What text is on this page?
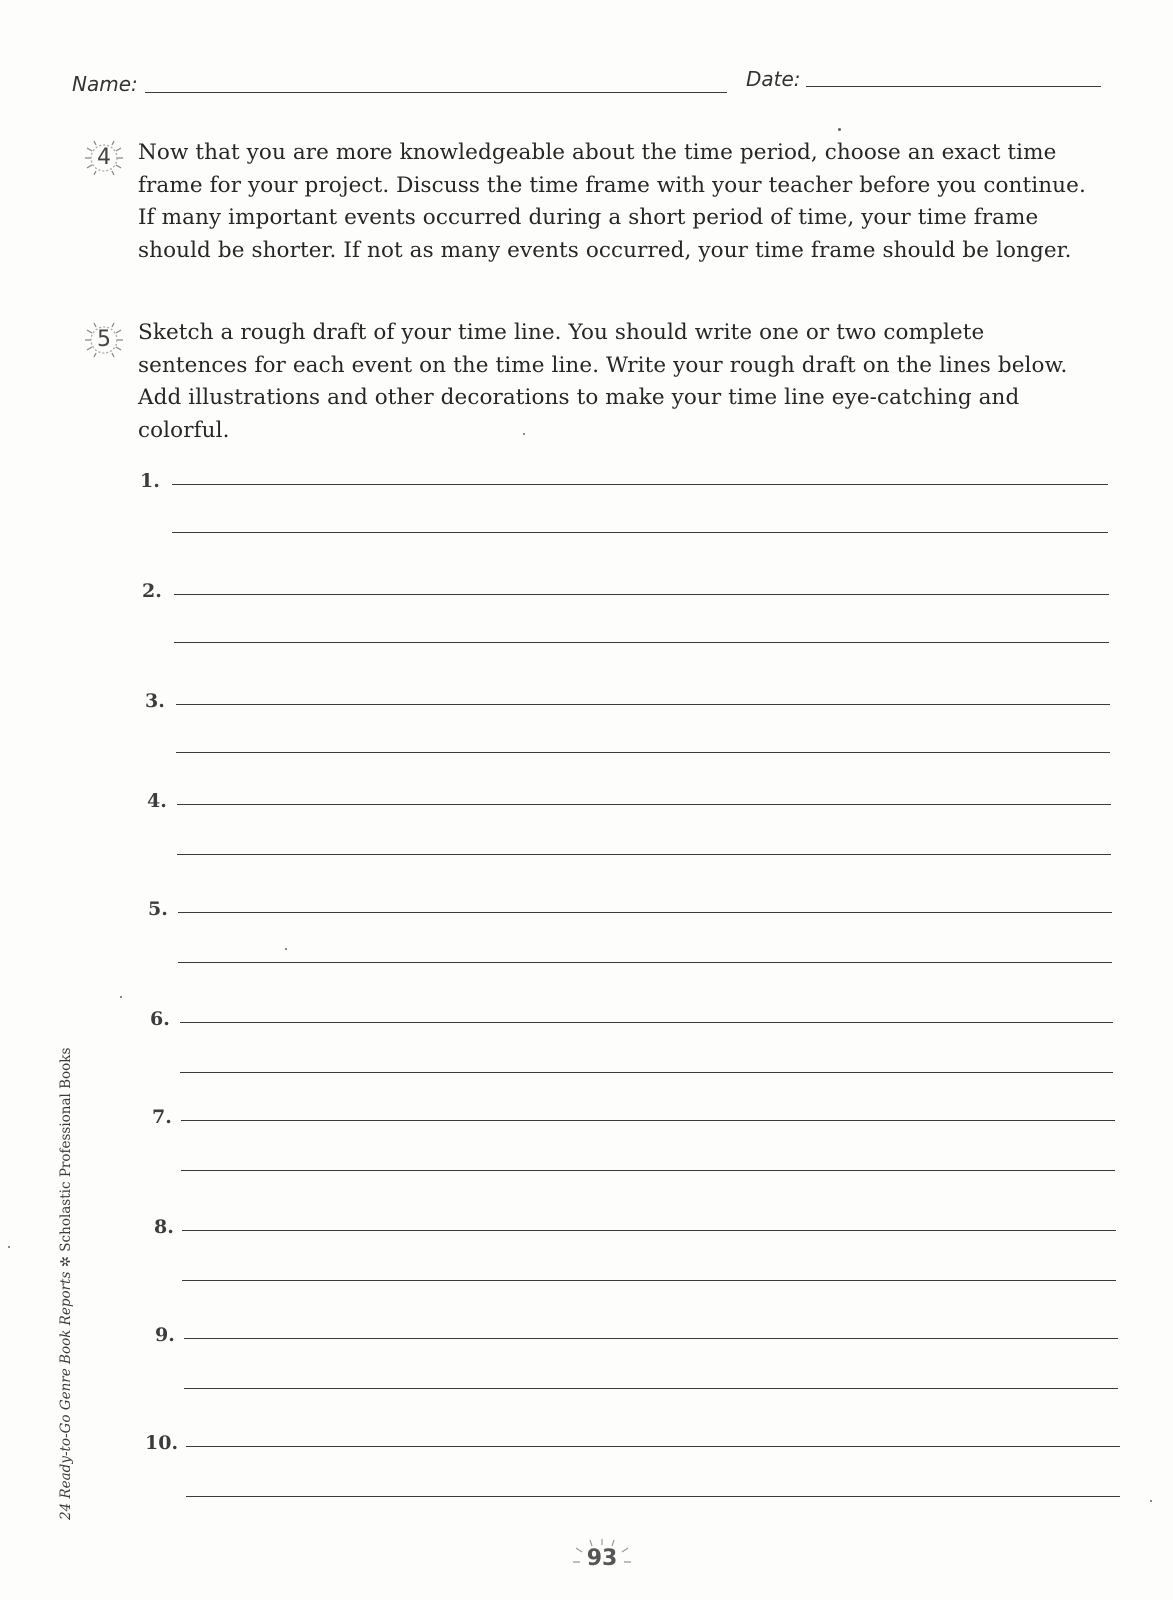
Name:	Date:
4	Now that you are more knowledgeable about the time period, choose an exact time frame for your project. Discuss the time frame with your teacher before you continue. If many important events occurred during a short period of time, your time frame should be shorter. If not as many events occurred, your time frame should be longer.
5	Sketch a rough draft of your time line. You should write one or two complete sentences for each event on the time line. Write your rough draft on the lines below. Add illustrations and other decorations to make your time line eye-catching and colorful.
1.
2.
3.
4.
5.
6.
7.
8.
9.
10.
24 Ready-to-Go Genre Book Reports ✲ Scholastic Professional Books
93
